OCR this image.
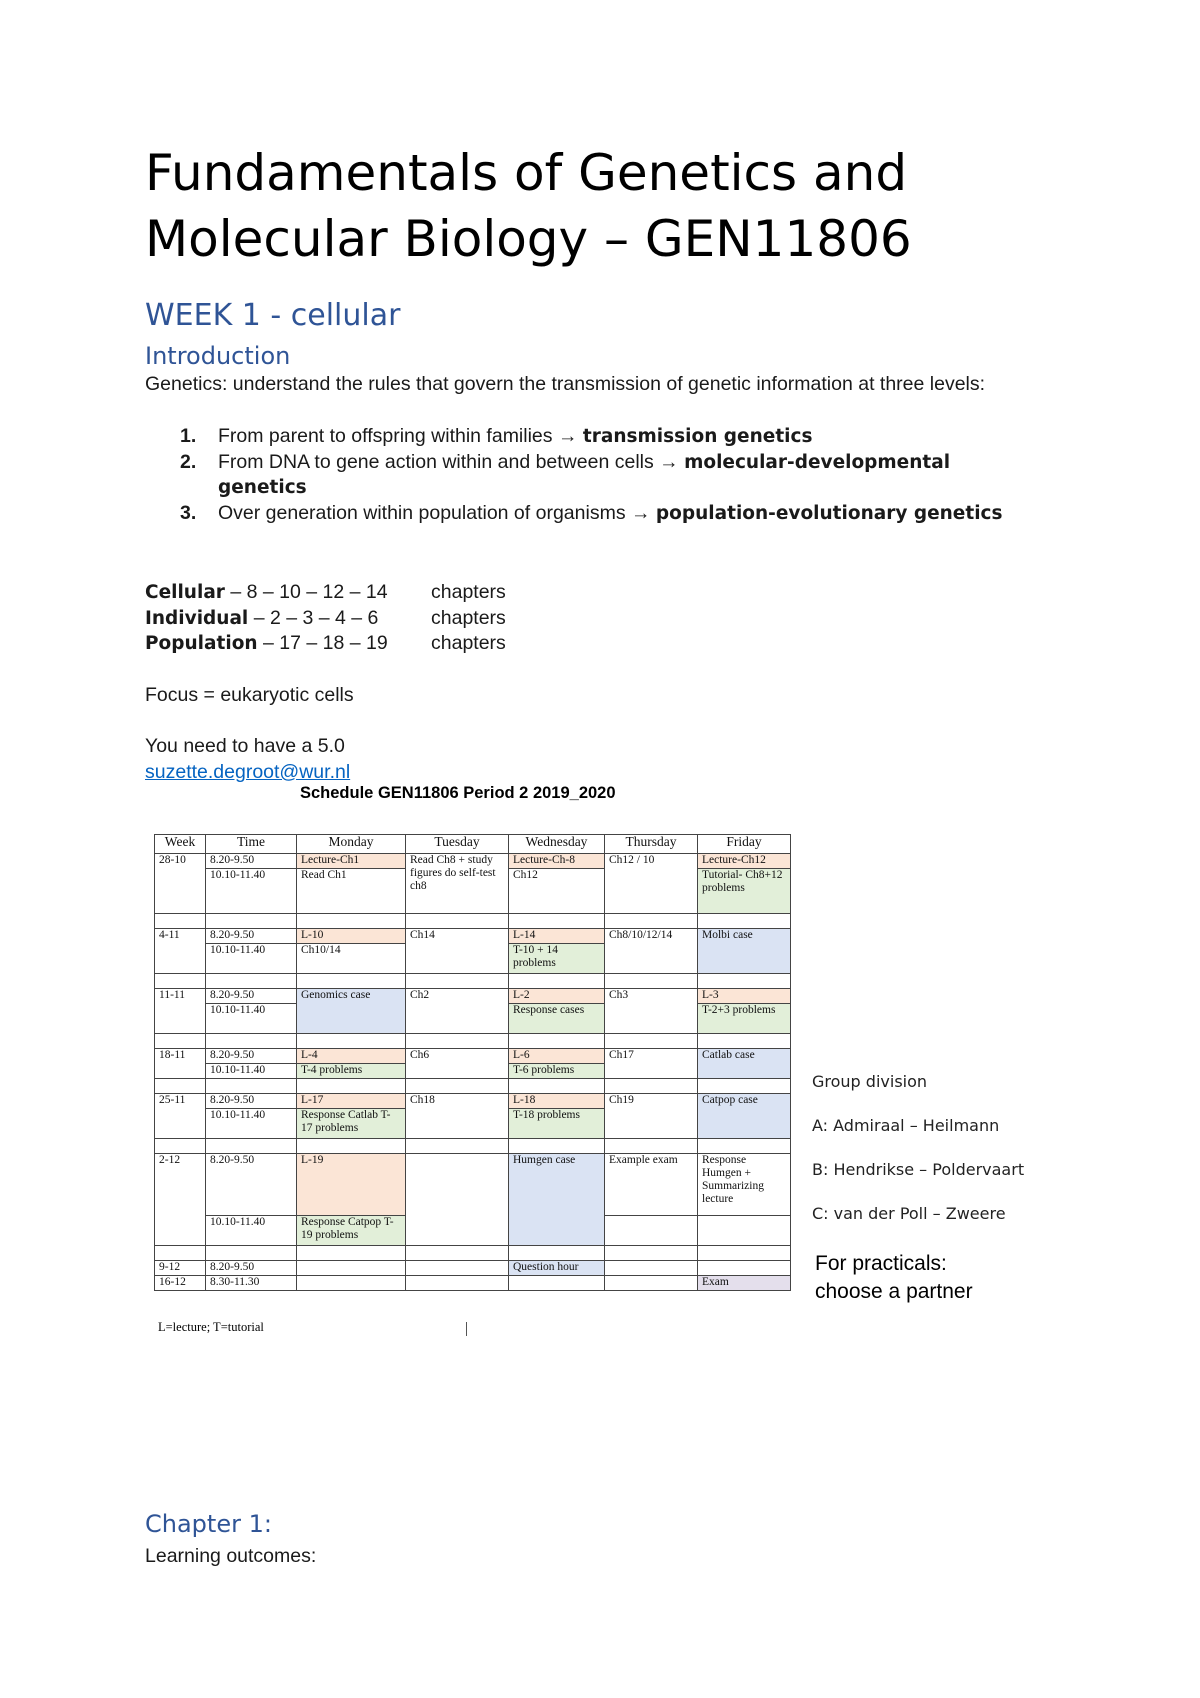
Fundamentals of Genetics and
Molecular Biology – GEN11806
WEEK 1 - cellular
Introduction
Genetics: understand the rules that govern the transmission of genetic information at three levels:
1. From parent to offspring within families → transmission genetics
2. From DNA to gene action within and between cells → molecular-developmental genetics
3. Over generation within population of organisms → population-evolutionary genetics
Cellular – 8 – 10 – 12 – 14 chapters
Individual – 2 – 3 – 4 – 6	chapters
Population – 17 – 18 – 19 chapters
Focus = eukaryotic cells
You need to have a 5.0
suzette.degroot@wur.nl
Schedule GEN11806 Period 2 2019_2020
Week	Time	Monday	Tuesday	Wednesday	Thursday	Friday
28-10	8.20-9.50	Lecture-Ch1	Read Ch8 + study figures do self-test ch8	Lecture-Ch-8	Ch12 / 10	Lecture-Ch12
	10.10-11.40	Read Ch1		Ch12		Tutorial- Ch8+12 problems

4-11	8.20-9.50	L-10	Ch14	L-14	Ch8/10/12/14	Molbi case
	10.10-11.40	Ch10/14		T-10 + 14 problems		

11-11	8.20-9.50	Genomics case	Ch2	L-2	Ch3	L-3
	10.10-11.40			Response cases		T-2+3 problems

18-11	8.20-9.50	L-4	Ch6	L-6	Ch17	Catlab case
	10.10-11.40	T-4 problems		T-6 problems		

25-11	8.20-9.50	L-17	Ch18	L-18	Ch19	Catpop case
	10.10-11.40	Response Catlab T-17 problems		T-18 problems		

2-12	8.20-9.50	L-19		Humgen case	Example exam	Response Humgen + Summarizing lecture
	10.10-11.40	Response Catpop T-19 problems				

9-12	8.20-9.50			Question hour		
16-12	8.30-11.30					Exam
L=lecture; T=tutorial
Group division
A: Admiraal – Heilmann
B: Hendrikse – Poldervaart
C: van der Poll – Zweere
For practicals:
choose a partner
Chapter 1:
Learning outcomes:
